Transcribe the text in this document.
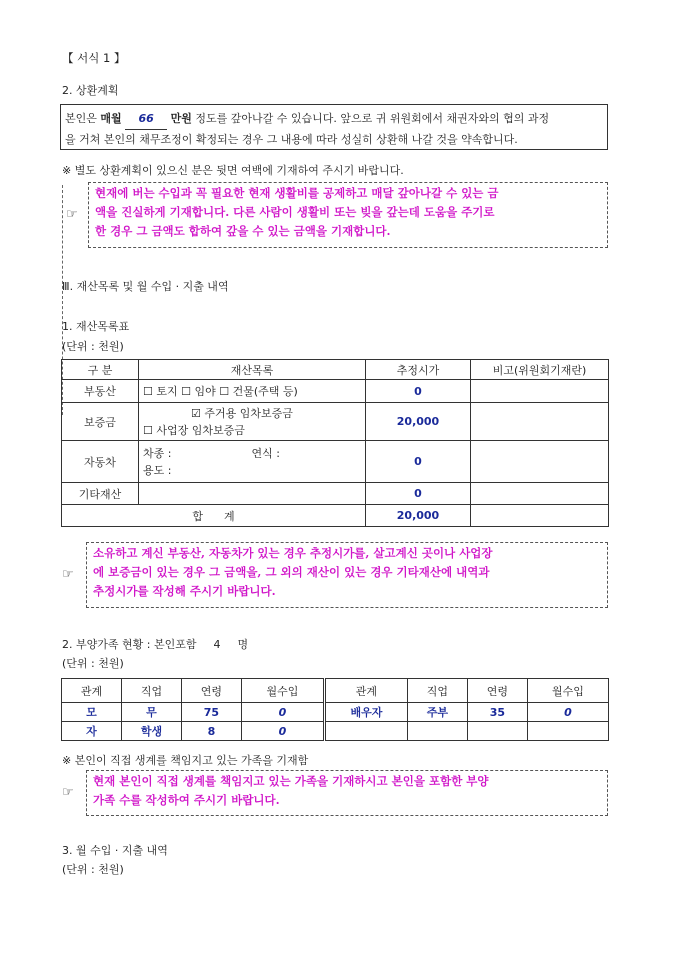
【 서식 1 】
2. 상환계획
본인은 매월 66 만원 정도를 갚아나갈 수 있습니다. 앞으로 귀 위원회에서 채권자와의 협의 과정
을 거쳐 본인의 채무조정이 확정되는 경우 그 내용에 따라 성실히 상환해 나갈 것을 약속합니다.
※ 별도 상환계획이 있으신 분은 뒷면 여백에 기재하여 주시기 바랍니다.
☞
현재에 버는 수입과 꼭 필요한 현재 생활비를 공제하고 매달 갚아나갈 수 있는 금
액을 진실하게 기재합니다. 다른 사람이 생활비 또는 빚을 갚는데 도움을 주기로
한 경우 그 금액도 합하여 갚을 수 있는 금액을 기재합니다.
Ⅲ. 재산목록 및 월 수입 · 지출 내역
1. 재산목록표
(단위 : 천원)
구 분	재산목록	추정시가	비고(위원회기재란)
부동산	☐ 토지 ☐ 임야 ☐ 건물(주택 등)	0	
보증금	☑ 주거용 임차보증금
☐ 사업장 임차보증금	20,000	
자동차	차종 : 연식 :
용도 :	0	
기타재산		0	
합      계		20,000	
☞
소유하고 계신 부동산, 자동차가 있는 경우 추정시가를, 살고계신 곳이나 사업장
에 보증금이 있는 경우 그 금액을, 그 외의 재산이 있는 경우 기타재산에 내역과
추정시가를 작성해 주시기 바랍니다.
2. 부양가족 현황 : 본인포함 4 명
(단위 : 천원)
관계	직업	연령	월수입	관계	직업	연령	월수입
모	무	75	0	배우자	주부	35	0
자	학생	8	0				
※ 본인이 직접 생계를 책임지고 있는 가족을 기재함
☞
현재 본인이 직접 생계를 책임지고 있는 가족을 기재하시고 본인을 포함한 부양
가족 수를 작성하여 주시기 바랍니다.
3. 월 수입 · 지출 내역
(단위 : 천원)
